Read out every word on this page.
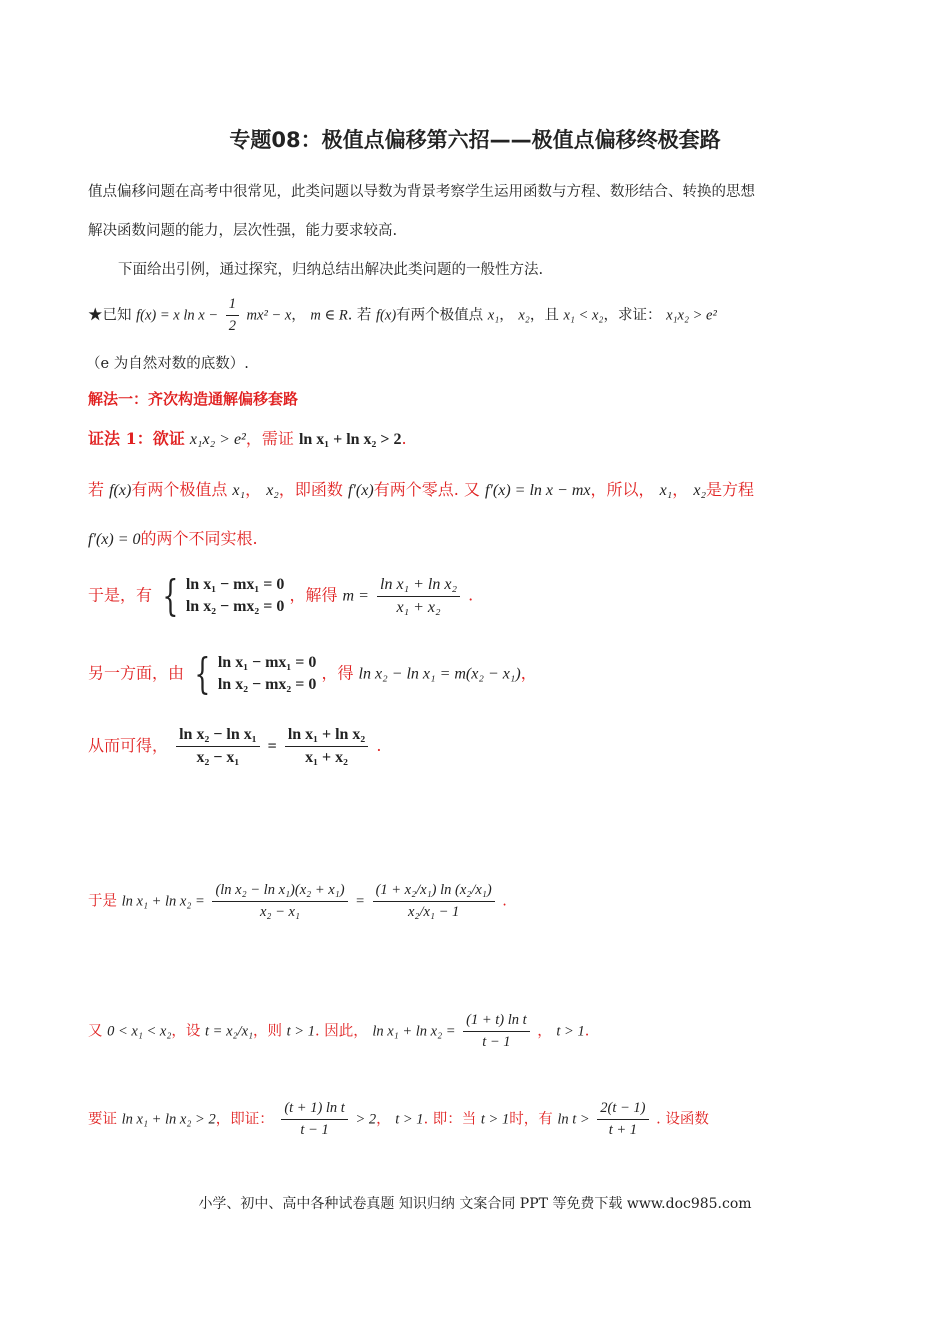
专题08：极值点偏移第六招——极值点偏移终极套路
值点偏移问题在高考中很常见，此类问题以导数为背景考察学生运用函数与方程、数形结合、转换的思想
解决函数问题的能力，层次性强，能力要求较高.
下面给出引例，通过探究，归纳总结出解决此类问题的一般性方法.
★已知 f(x) = x $\ln x - \frac{1}{2} mx^2 - x$， m ∈ R. 若 f(x)有两个极值点 x₁， x₂，且 x₁ < x₂，求证： x₁x₂ > e²
（e 为自然对数的底数）.
解法一：齐次构造通解偏移套路
证法 1：欲证 x₁x₂ > e²，需证 ln x₁ + ln x₂ > 2.
若 f(x)有两个极值点 x₁， x₂，即函数 f′(x)有两个零点. 又 f′(x) = ln x − mx，所以， x₁， x₂是方程
f′(x) = 0的两个不同实根.
于是，有 { ln x₁ − mx₁ = 0
ln x₂ − mx₂ = 0
，解得 $m = \frac{\text{ln x₁ + ln x₂}}{\text{x₁ + x₂}}$ .
另一方面，由 { ln x₁ − mx₁ = 0
ln x₂ − mx₂ = 0
，得 ln x₂ − ln x₁ = m(x₂ − x₁)，
从而可得， $\frac{\text{ln x₂ − ln x₁}}{\text{x₂ − x₁}} = \frac{\text{ln x₁ + ln x₂}}{\text{x₁ + x₂}}$ .
于是 $\ln x_1 + \ln x_2 = \frac{\text{(ln x₂ − ln x₁)(x₂ + x₁)}}{\text{x₂ − x₁}} = \frac{\text{(1 + x₂/x₁) ln (x₂/x₁)}}{\text{x₂/x₁ − 1}}$ .
又 0 < x₁ < x₂，设 t = x₂/x₁，则 t > 1. 因此， $\ln x_1 + \ln x_2 = \frac{\text{(1 + t) ln t}}{t - 1}$ ， t > 1.
要证 ln x₁ + ln x₂ > 2，即证： $\frac{\text{(t + 1) ln t}}{t - 1} > 2$， t > 1. 即：当 t > 1时，有 $\ln t > \frac{2(t - 1)}{t + 1}$ . 设函数
小学、初中、高中各种试卷真题 知识归纳 文案合同 PPT 等免费下载 www.doc985.com
